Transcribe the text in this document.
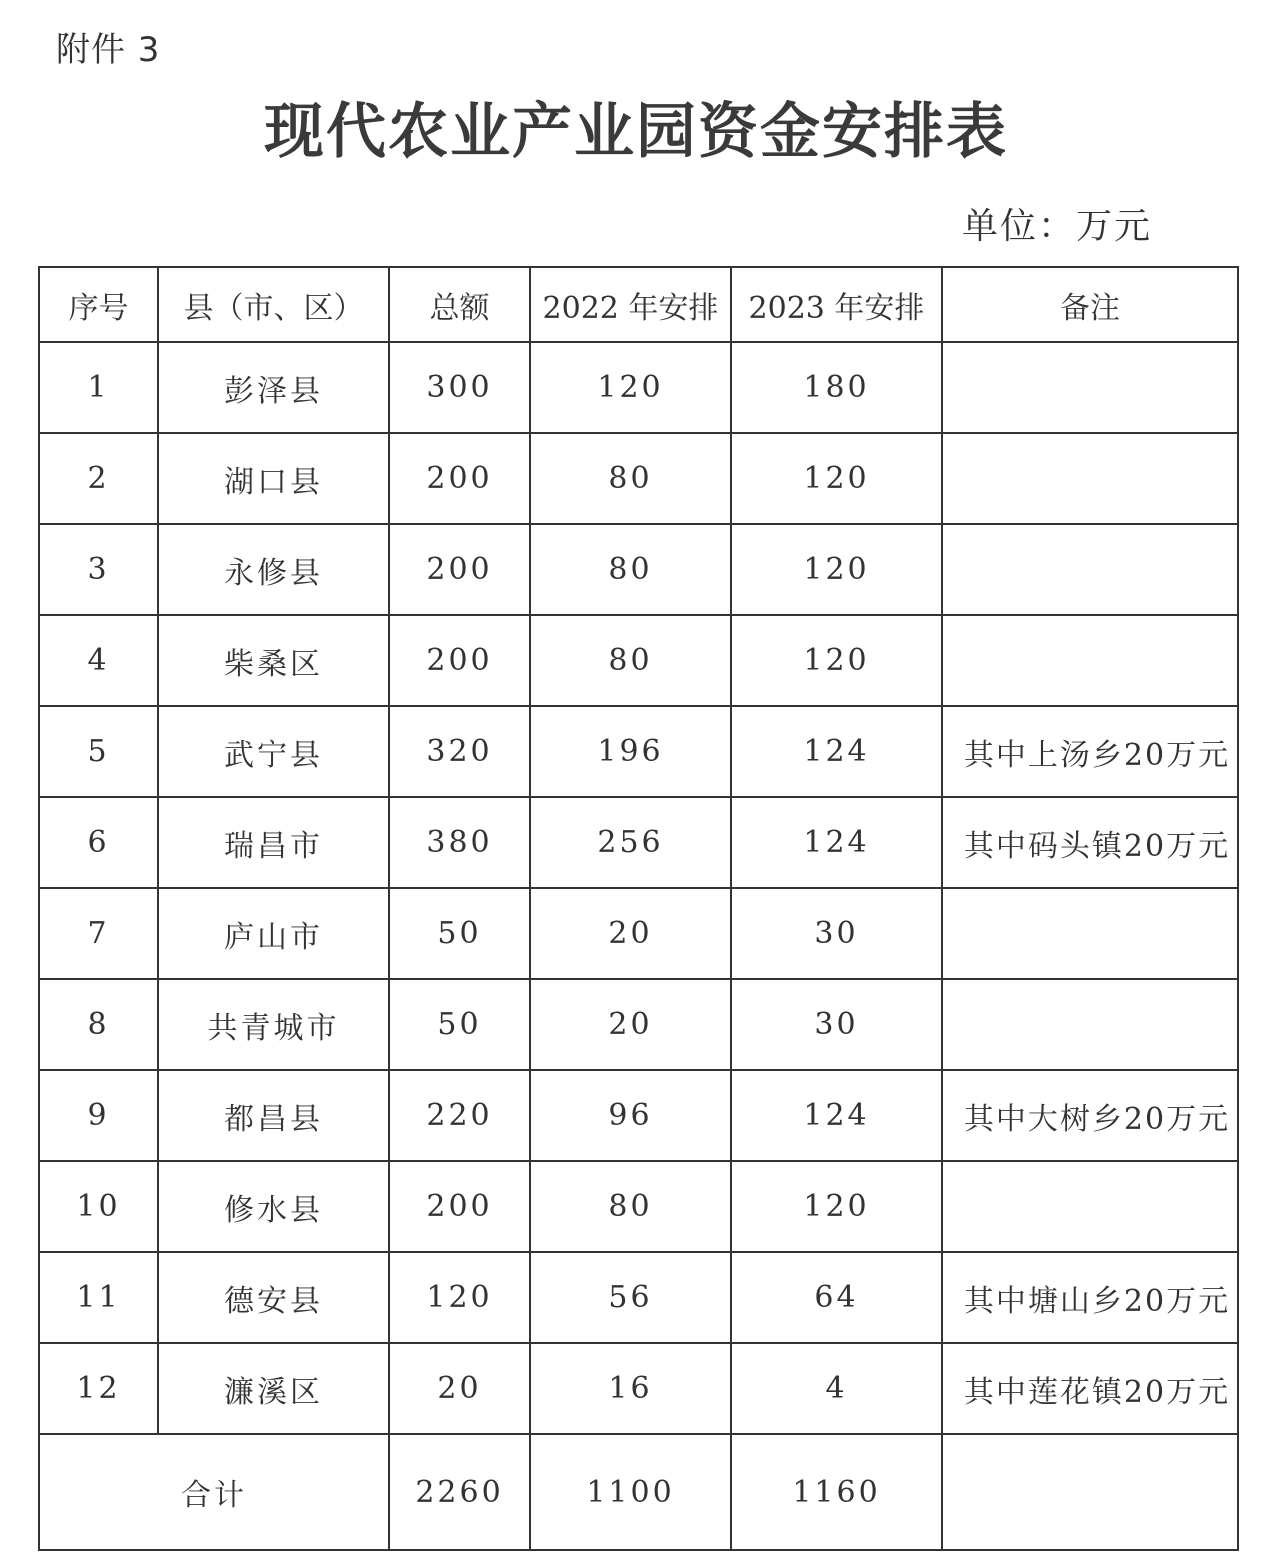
附件 3
现代农业产业园资金安排表
单位：万元
序号	县（市、区）	总额	2022 年安排	2023 年安排	备注
1	彭泽县	300	120	180	
2	湖口县	200	80	120	
3	永修县	200	80	120	
4	柴桑区	200	80	120	
5	武宁县	320	196	124	其中上汤乡20万元
6	瑞昌市	380	256	124	其中码头镇20万元
7	庐山市	50	20	30	
8	共青城市	50	20	30	
9	都昌县	220	96	124	其中大树乡20万元
10	修水县	200	80	120	
11	德安县	120	56	64	其中塘山乡20万元
12	濂溪区	20	16	4	其中莲花镇20万元
合计		2260	1100	1160	
